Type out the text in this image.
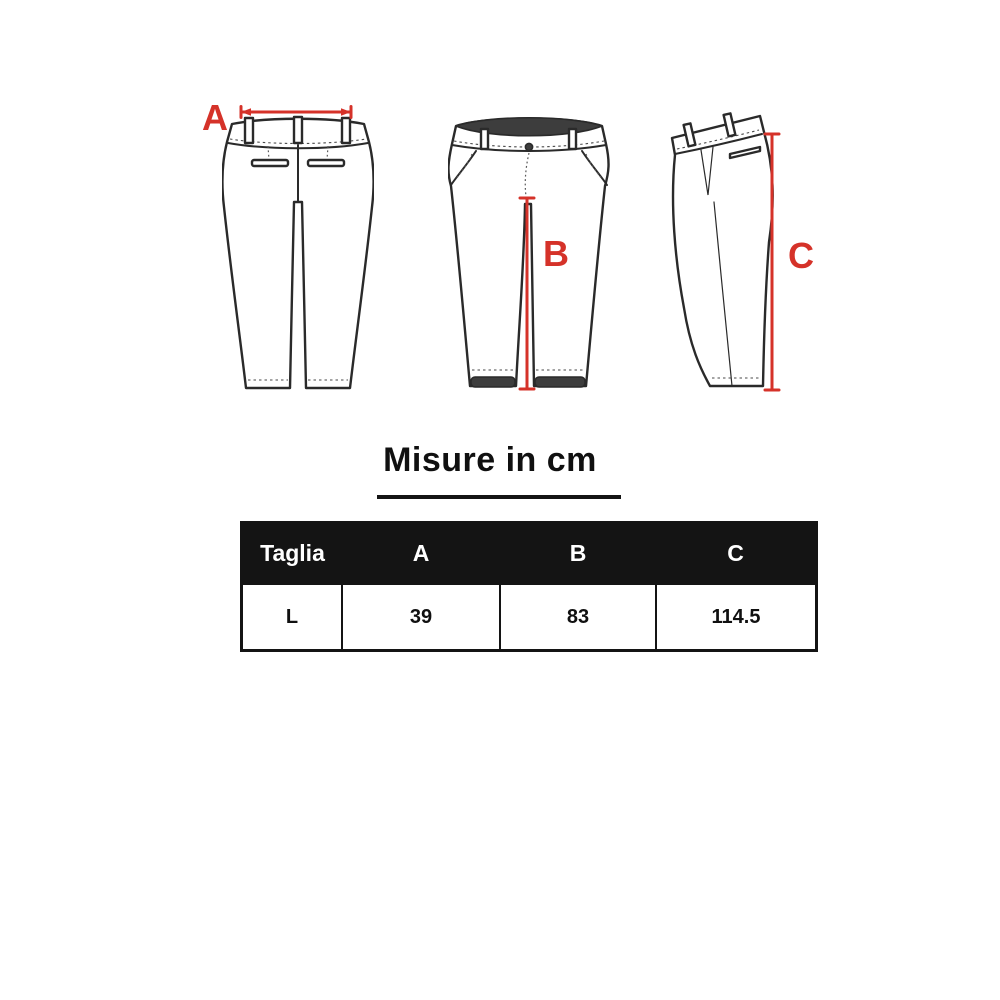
A
B	C
Misure in cm
Taglia	A	B	C
L	39	83	114.5
